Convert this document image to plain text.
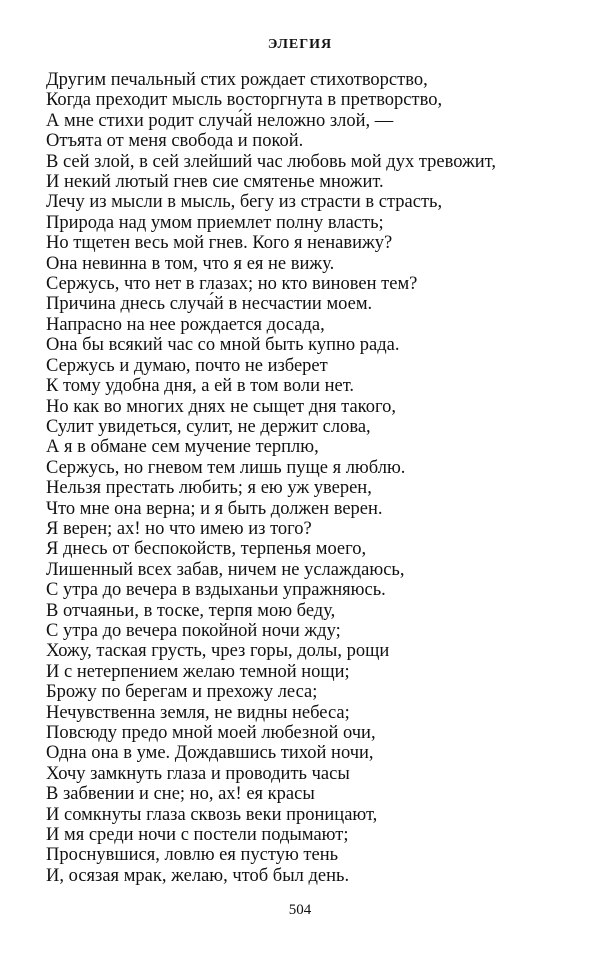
ЭЛЕГИЯ
Другим печальный стих рождает стихотворство,
Когда преходит мысль восторгнута в претворство,
А мне стихи родит случа́й неложно злой, —
Отъята от меня свобода и покой.
В сей злой, в сей злейший час любовь мой дух тревожит,
И некий лютый гнев сие смятенье множит.
Лечу из мысли в мысль, бегу из страсти в страсть,
Природа над умом приемлет полну власть;
Но тщетен весь мой гнев. Кого я ненавижу?
Она невинна в том, что я ея не вижу.
Сержусь, что нет в глазах; но кто виновен тем?
Причина днесь случа́й в несчастии моем.
Напрасно на нее рождается досада,
Она бы всякий час со мной быть купно рада.
Сержусь и думаю, почто не изберет
К тому удобна дня, а ей в том воли нет.
Но как во многих днях не сыщет дня такого,
Сулит увидеться, сулит, не держит слова,
А я в обмане сем мучение терплю,
Сержусь, но гневом тем лишь пуще я люблю.
Нельзя престать любить; я ею уж уверен,
Что мне она верна; и я быть должен верен.
Я верен; ах! но что имею из того?
Я днесь от беспокойств, терпенья моего,
Лишенный всех забав, ничем не услаждаюсь,
С утра до вечера в вздыханьи упражняюсь.
В отчаяньи, в тоске, терпя мою беду,
С утра до вечера покойной ночи жду;
Хожу, таская грусть, чрез горы, долы, рощи
И с нетерпением желаю темной нощи;
Брожу по берегам и прехожу леса;
Нечувственна земля, не видны небеса;
Повсюду предо мной моей любезной очи,
Одна она в уме. Дождавшись тихой ночи,
Хочу замкнуть глаза и проводить часы
В забвении и сне; но, ах! ея красы
И сомкнуты глаза сквозь веки проницают,
И мя среди ночи с постели подымают;
Проснувшися, ловлю ея пустую тень
И, осязая мрак, желаю, чтоб был день.
504
